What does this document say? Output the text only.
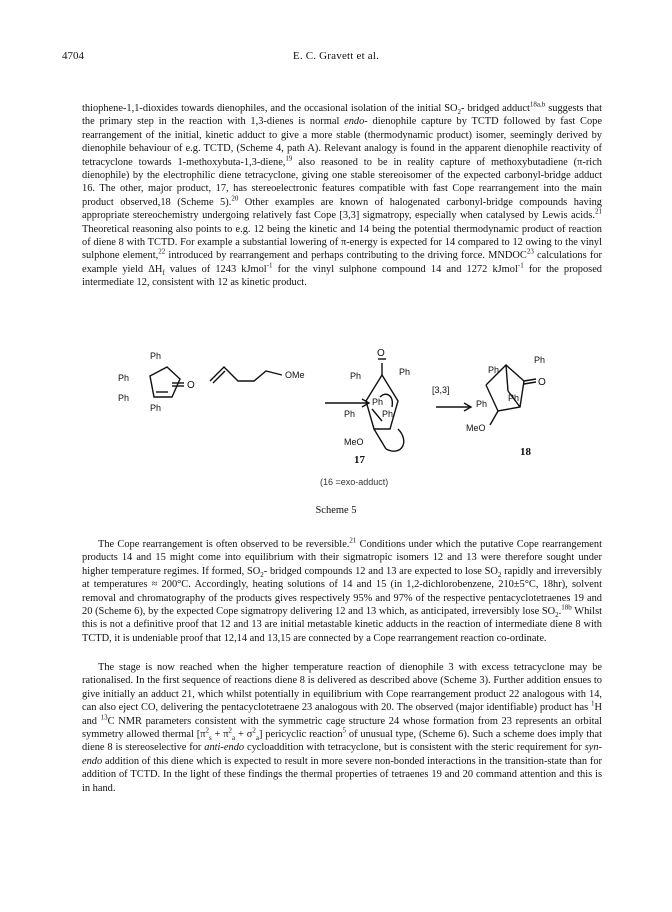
4704	E. C. Gravett et al.

thiophene-1,1-dioxides towards dienophiles, and the occasional isolation of the initial $SO_2-$ bridged adduct$^{18a,b}$ suggests that the primary step in the reaction with 1,3-dienes is normal endo- dienophile capture by TCTD followed by fast Cope rearrangement of the initial, kinetic adduct to give a more stable (thermodynamic product) isomer, seemingly derived by dienophile behaviour of e.g. TCTD, (Scheme 4, path A). Relevant analogy is found in the apparent dienophile reactivity of tetracyclone towards 1-methoxybuta-1,3-diene,$^{19}$ also reasoned to be in reality capture of methoxybutadiene (π-rich dienophile) by the electrophilic diene tetracyclone, giving one stable stereoisomer of the expected carbonyl-bridge adduct 16. The other, major product, 17, has stereoelectronic features compatible with fast Cope rearrangement into the main product observed,18 (Scheme 5).$^{20}$ Other examples are known of halogenated carbonyl-bridge compounds having appropriate stereochemistry undergoing relatively fast Cope [3,3] sigmatropy, especially when catalysed by Lewis acids.$^{21}$ Theoretical reasoning also points to e.g. 12 being the kinetic and 14 being the potential thermodynamic product of reaction of diene 8 with TCTD. For example a substantial lowering of π-energy is expected for 14 compared to 12 owing to the vinyl sulphone element,$^{22}$ introduced by rearrangement and perhaps contributing to the driving force. MNDOC$^{23}$ calculations for example yield $\Delta H_f$ values of 1243 kJmol$^{-1}$ for the vinyl sulphone compound 14 and 1272 kJmol$^{-1}$ for the proposed intermediate 12, consistent with 12 as kinetic product.

Ph
Ph
Ph
Ph
O
OMe
O
Ph	Ph
Ph	Ph
Ph
MeO
[3,3]
Ph
Ph
Ph
Ph
MeO
O
17
18
(16 =exo-adduct)
Scheme 5

The Cope rearrangement is often observed to be reversible.$^{21}$ Conditions under which the putative Cope rearrangement products 14 and 15 might come into equilibrium with their sigmatropic isomers 12 and 13 were therefore sought under higher temperature regimes. If formed, $SO_2-$ bridged compounds 12 and 13 are expected to lose $SO_2$ rapidly and irreversibly at temperatures ≈ 200°C. Accordingly, heating solutions of 14 and 15 (in 1,2-dichlorobenzene, 210±5°C, 18hr), solvent removal and chromatography of the products gives respectively 95% and 97% of the respective pentacyclotetraenes 19 and 20 (Scheme 6), by the expected Cope sigmatropy delivering 12 and 13 which, as anticipated, irreversibly lose $SO_2.^{18b}$ Whilst this is not a definitive proof that 12 and 13 are initial metastable kinetic adducts in the reaction of intermediate diene 8 with TCTD, it is undeniable proof that 12,14 and 13,15 are connected by a Cope rearrangement reaction co-ordinate.

The stage is now reached when the higher temperature reaction of dienophile 3 with excess tetracyclone may be rationalised. In the first sequence of reactions diene 8 is delivered as described above (Scheme 3). Further addition ensues to give initially an adduct 21, which whilst potentially in equilibrium with Cope rearrangement product 22 analogous with 14, can also eject CO, delivering the pentacyclotetraene 23 analogous with 20. The observed (major identifiable) product has $^1$H and $^{13}$C NMR parameters consistent with the symmetric cage structure 24 whose formation from 23 represents an orbital symmetry allowed thermal $[\pi^2_s + \pi^2_a + \sigma^2_a]$ pericyclic reaction$^5$ of unusual type, (Scheme 6). Such a scheme does imply that diene 8 is stereoselective for anti-endo cycloaddition with tetracyclone, but is consistent with the steric requirement for syn-endo addition of this diene which is expected to result in more severe non-bonded interactions in the transition-state than for addition of TCTD. In the light of these findings the thermal properties of tetraenes 19 and 20 command attention and this is in hand.
